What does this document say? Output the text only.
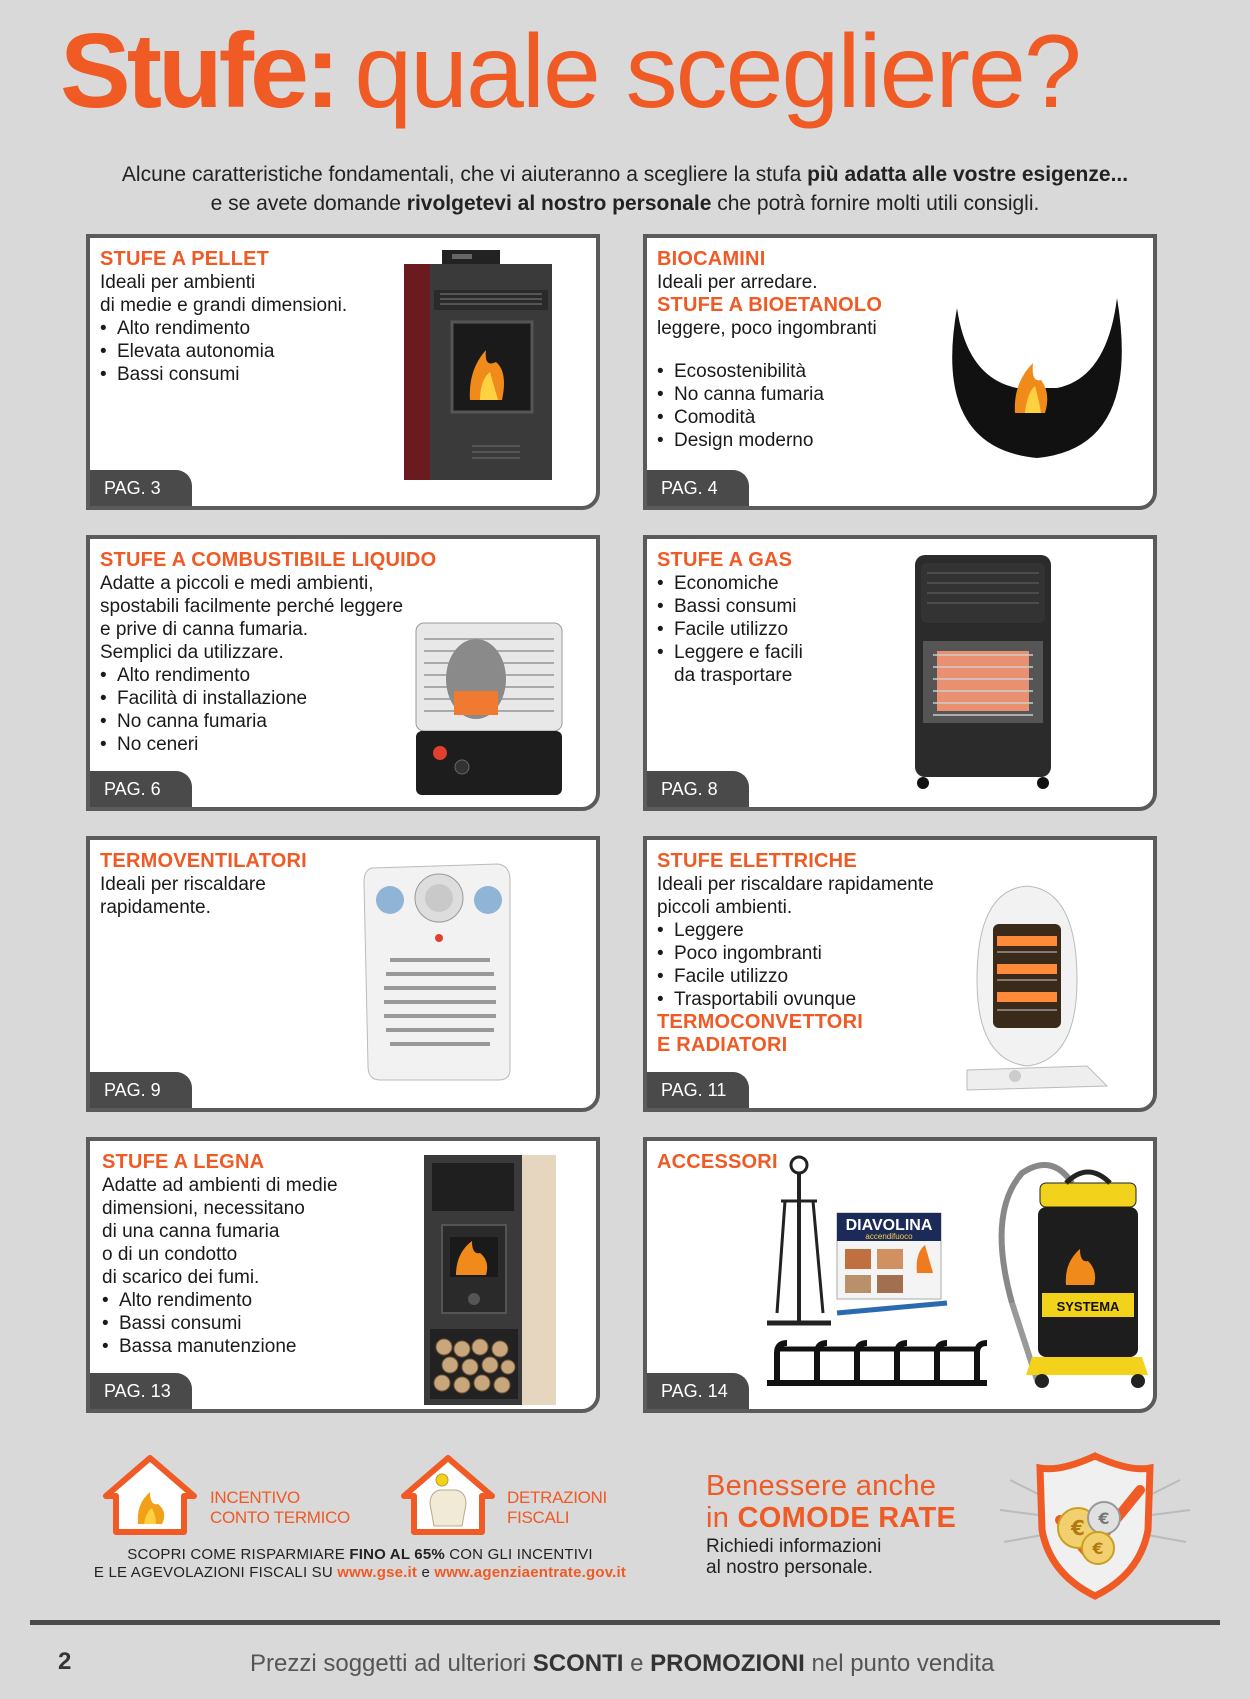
Stufe: quale scegliere?
Alcune caratteristiche fondamentali, che vi aiuteranno a scegliere la stufa più adatta alle vostre esigenze...
e se avete domande rivolgetevi al nostro personale che potrà fornire molti utili consigli.
STUFE A PELLET
Ideali per ambienti
di medie e grandi dimensioni.
• Alto rendimento
• Elevata autonomia
• Bassi consumi
PAG. 3
BIOCAMINI
Ideali per arredare.
STUFE A BIOETANOLO
leggere, poco ingombranti
• Ecosostenibilità
• No canna fumaria
• Comodità
• Design moderno
PAG. 4
STUFE A COMBUSTIBILE LIQUIDO
Adatte a piccoli e medi ambienti,
spostabili facilmente perché leggere
e prive di canna fumaria.
Semplici da utilizzare.
• Alto rendimento
• Facilità di installazione
• No canna fumaria
• No ceneri
PAG. 6
STUFE A GAS
• Economiche
• Bassi consumi
• Facile utilizzo
• Leggere e facili
da trasportare
PAG. 8
TERMOVENTILATORI
Ideali per riscaldare
rapidamente.
PAG. 9
STUFE ELETTRICHE
Ideali per riscaldare rapidamente
piccoli ambienti.
• Leggere
• Poco ingombranti
• Facile utilizzo
• Trasportabili ovunque
TERMOCONVETTORI
E RADIATORI
PAG. 11
STUFE A LEGNA
Adatte ad ambienti di medie
dimensioni, necessitano
di una canna fumaria
o di un condotto
di scarico dei fumi.
• Alto rendimento
• Bassi consumi
• Bassa manutenzione
PAG. 13
ACCESSORI
DIAVOLINA
accendifuoco
SYSTEMA
PAG. 14
INCENTIVO
CONTO TERMICO
DETRAZIONI
FISCALI
SCOPRI COME RISPARMIARE FINO AL 65% CON GLI INCENTIVI
E LE AGEVOLAZIONI FISCALI SU www.gse.it e www.agenziaentrate.gov.it
Benessere anche
in COMODE RATE
Richiedi informazioni
al nostro personale.
€ €
€
2	Prezzi soggetti ad ulteriori SCONTI e PROMOZIONI nel punto vendita
